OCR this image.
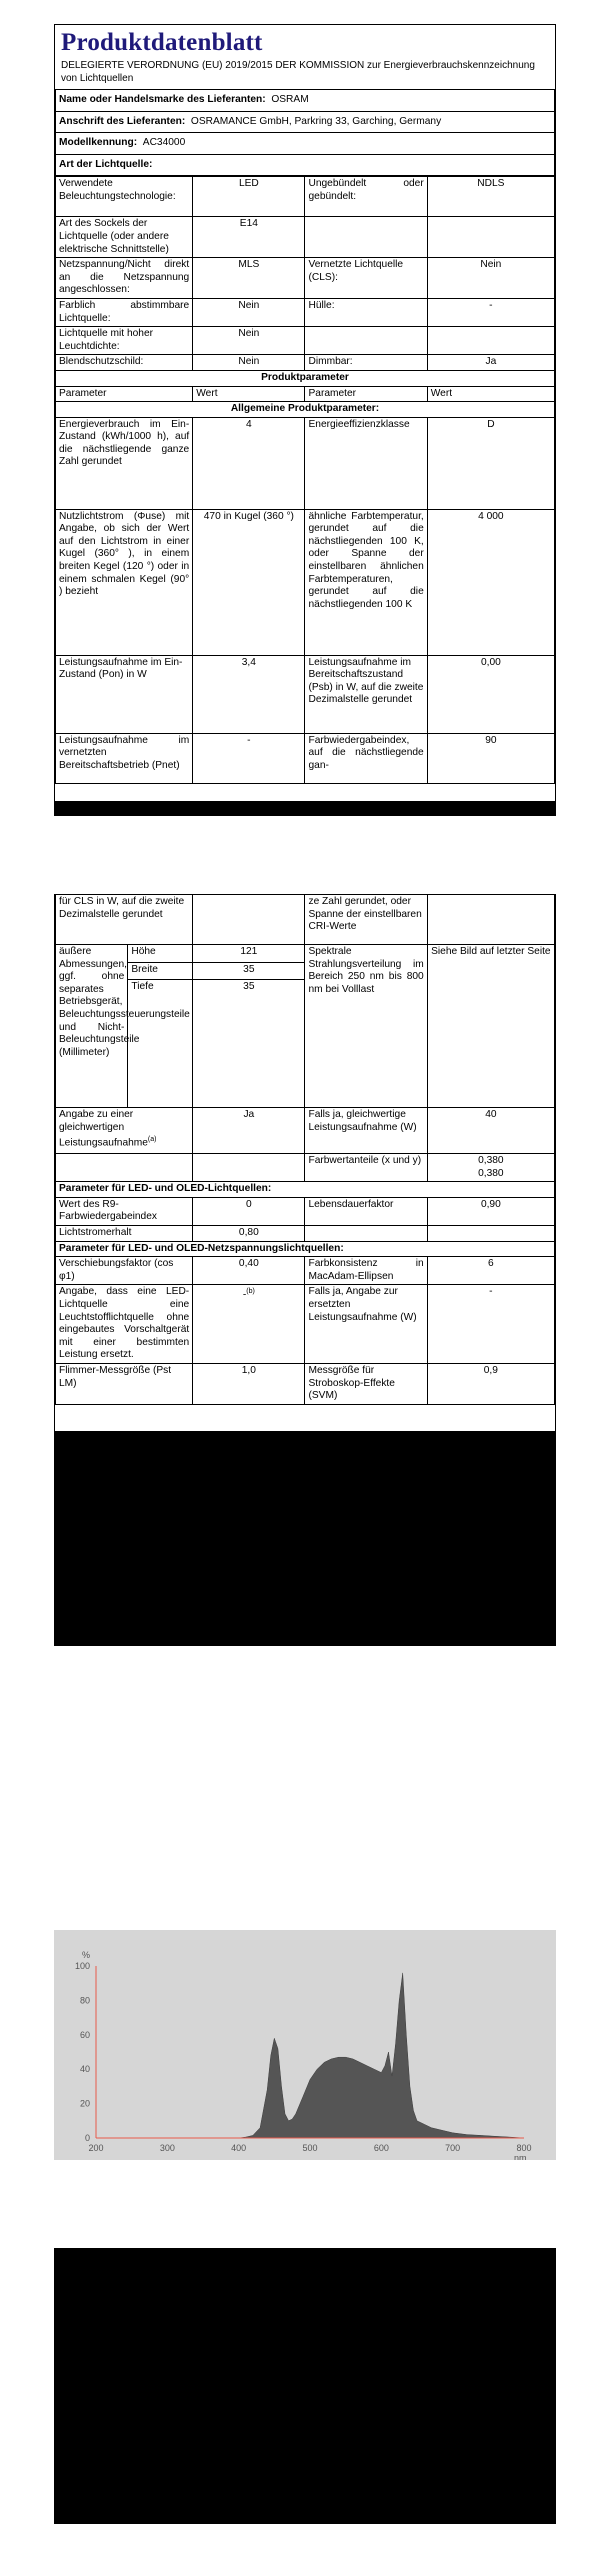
Produktdatenblatt
DELEGIERTE VERORDNUNG (EU) 2019/2015 DER KOMMISSION zur Energieverbrauchskennzeichnung von Lichtquellen
Name oder Handelsmarke des Lieferanten: OSRAM
Anschrift des Lieferanten: OSRAMANCE GmbH, Parkring 33, Garching, Germany
Modellkennung: AC34000
Art der Lichtquelle:
Verwendete Beleuchtungstechnologie:	LED	Ungebündelt oder gebündelt:	NDLS
Art des Sockels der Lichtquelle (oder andere elektrische Schnittstelle)	E14		
Netzspannung/Nicht direkt an die Netzspannung angeschlossen:	MLS	Vernetzte Lichtquelle (CLS):	Nein
Farblich abstimmbare Lichtquelle:	Nein	Hülle:	-
Lichtquelle mit hoher Leuchtdichte:	Nein		
Blendschutzschild:	Nein	Dimmbar:	Ja
Produktparameter			
Parameter	Wert	Parameter	Wert
Allgemeine Produktparameter:			
Energieverbrauch im Ein-Zustand (kWh/1000 h), auf die nächstliegende ganze Zahl gerundet	4	Energieeffizienzklasse	D
Nutzlichtstrom (Φuse) mit Angabe, ob sich der Wert auf den Lichtstrom in einer Kugel (360° ), in einem breiten Kegel (120 °) oder in einem schmalen Kegel (90° ) bezieht	470 in Kugel (360 °)	ähnliche Farbtemperatur, gerundet auf die nächstliegenden 100 K, oder Spanne der einstellbaren ähnlichen Farbtemperaturen, gerundet auf die nächstliegenden 100 K	4 000
Leistungsaufnahme im Ein-Zustand (Pon) in W	3,4	Leistungsaufnahme im Bereitschaftszustand (Psb) in W, auf die zweite Dezimalstelle gerundet	0,00
Leistungsaufnahme im vernetzten Bereitschaftsbetrieb (Pnet)	-	Farbwiedergabeindex, auf die nächstliegende gan-	90
für CLS in W, auf die zweite Dezimalstelle gerundet			ze Zahl gerundet, oder Spanne der einstellbaren CRI-Werte	
äußere Abmessungen, ggf. ohne separates Betriebsgerät, Beleuchtungssteuerungsteile und Nicht-Beleuchtungsteile (Millimeter)	Höhe	121	Spektrale Strahlungsverteilung im Bereich 250 nm bis 800 nm bei Volllast	Siehe Bild auf letzter Seite
	Breite	35		
	Tiefe	35		
Angabe zu einer gleichwertigen Leistungsaufnahme$^{(a)}$		Ja	Falls ja, gleichwertige Leistungsaufnahme (W)	40
			Farbwertanteile (x und y)	0,380
0,380

Parameter für LED- und OLED-Lichtquellen:				
Wert des R9-Farbwiedergabeindex		0	Lebensdauerfaktor	0,90
Lichtstromerhalt		0,80		
Parameter für LED- und OLED-Netzspannungslichtquellen:				
Verschiebungsfaktor (cos φ1)		0,40	Farbkonsistenz in MacAdam-Ellipsen	6
Angabe, dass eine LED-Lichtquelle eine Leuchtstofflichtquelle ohne eingebautes Vorschaltgerät mit einer bestimmten Leistung ersetzt.		-$^{(b)}$	Falls ja, Angabe zur ersetzten Leistungsaufnahme (W)	-
Flimmer-Messgröße (Pst LM)		1,0	Messgröße für Stroboskop-Effekte (SVM)	0,9
0
20
40
60
80
100
200	300	400	500	600	700	800
%
nm
